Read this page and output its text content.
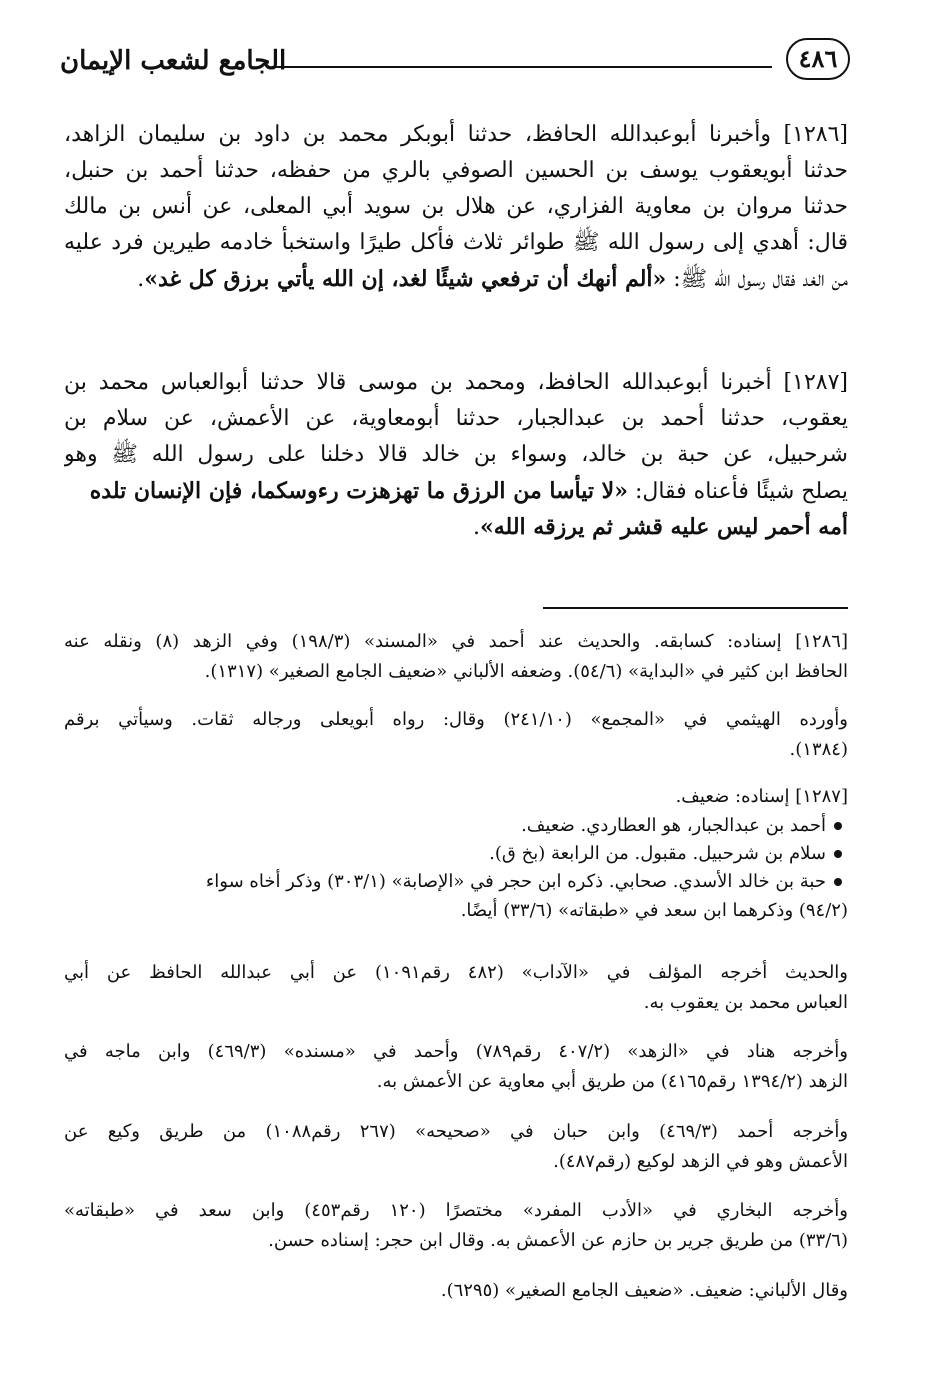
الجامع لشعب الإيمان	٤٨٦
[١٢٨٦] وأخبرنا أبوعبدالله الحافظ، حدثنا أبوبكر محمد بن داود بن سليمان الزاهد،
حدثنا أبويعقوب يوسف بن الحسين الصوفي بالري من حفظه، حدثنا أحمد بن حنبل،
حدثنا مروان بن معاوية الفزاري، عن هلال بن سويد أبي المعلى، عن أنس بن مالك
قال: أهدي إلى رسول الله ﷺ طوائر ثلاث فأكل طيرًا واستخبأ خادمه طيرين فرد عليه
من الغد فقال رسول الله ﷺ: «ألم أنهك أن ترفعي شيئًا لغد، إن الله يأتي برزق كل غد».
[١٢٨٧] أخبرنا أبوعبدالله الحافظ، ومحمد بن موسى قالا حدثنا أبوالعباس محمد بن
يعقوب، حدثنا أحمد بن عبدالجبار، حدثنا أبومعاوية، عن الأعمش، عن سلام بن
شرحبيل، عن حبة بن خالد، وسواء بن خالد قالا دخلنا على رسول الله ﷺ وهو
يصلح شيئًا فأعناه فقال: «لا تيأسا من الرزق ما تهزهزت رءوسكما، فإن الإنسان تلده
أمه أحمر ليس عليه قشر ثم يرزقه الله».
[١٢٨٦] إسناده: كسابقه. والحديث عند أحمد في «المسند» (١٩٨/٣) وفي الزهد (٨) ونقله عنه
الحافظ ابن كثير في «البداية» (٥٤/٦). وضعفه الألباني «ضعيف الجامع الصغير» (١٣١٧).
وأورده الهيثمي في «المجمع» (٢٤١/١٠) وقال: رواه أبويعلى ورجاله ثقات. وسيأتي برقم
(١٣٨٤).
[١٢٨٧] إسناده: ضعيف.
أحمد بن عبدالجبار، هو العطاردي. ضعيف.
سلام بن شرحبيل. مقبول. من الرابعة (بخ ق).
حبة بن خالد الأسدي. صحابي. ذكره ابن حجر في «الإصابة» (٣٠٣/١) وذكر أخاه سواء
(٩٤/٢) وذكرهما ابن سعد في «طبقاته» (٣٣/٦) أيضًا.
والحديث أخرجه المؤلف في «الآداب» (٤٨٢ رقم١٠٩١) عن أبي عبدالله الحافظ عن أبي
العباس محمد بن يعقوب به.
وأخرجه هناد في «الزهد» (٤٠٧/٢ رقم٧٨٩) وأحمد في «مسنده» (٤٦٩/٣) وابن ماجه في
الزهد (١٣٩٤/٢ رقم٤١٦٥) من طريق أبي معاوية عن الأعمش به.
وأخرجه أحمد (٤٦٩/٣) وابن حبان في «صحيحه» (٢٦٧ رقم١٠٨٨) من طريق وكيع عن
الأعمش وهو في الزهد لوكيع (رقم٤٨٧).
وأخرجه البخاري في «الأدب المفرد» مختصرًا (١٢٠ رقم٤٥٣) وابن سعد في «طبقاته»
(٣٣/٦) من طريق جرير بن حازم عن الأعمش به. وقال ابن حجر: إسناده حسن.
وقال الألباني: ضعيف. «ضعيف الجامع الصغير» (٦٢٩٥).
